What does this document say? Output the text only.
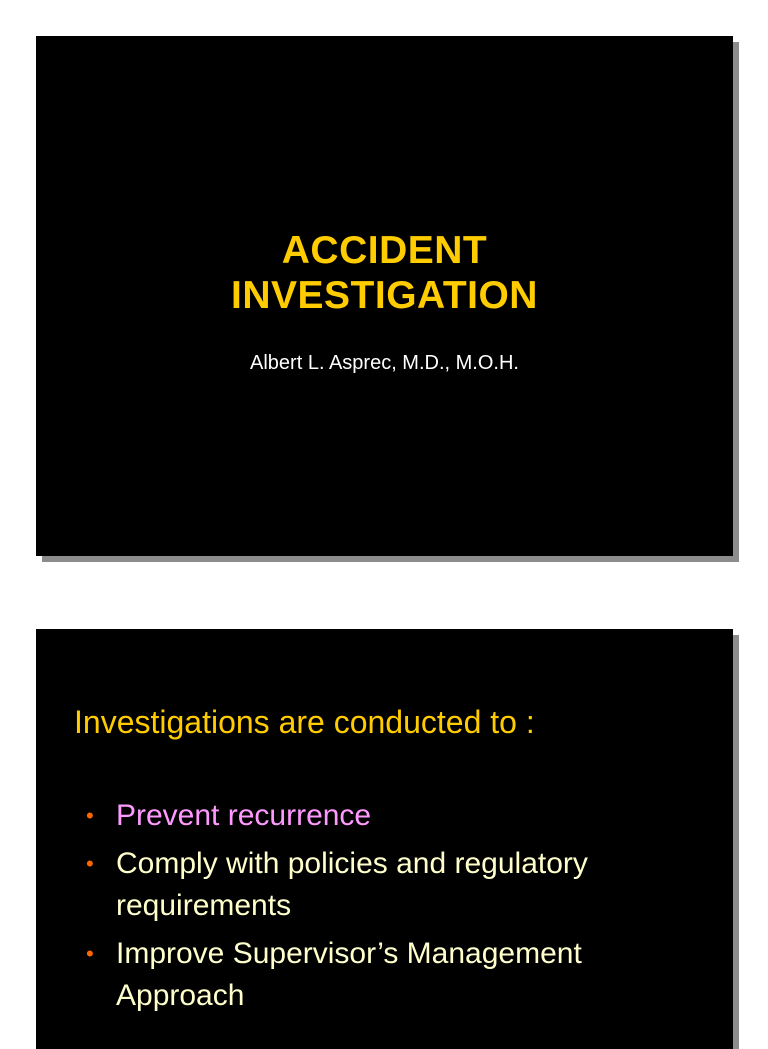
ACCIDENT
INVESTIGATION
Albert L. Asprec, M.D., M.O.H.
Investigations are conducted to :
• Prevent recurrence
• Comply with policies and regulatory requirements
• Improve Supervisor’s Management Approach
